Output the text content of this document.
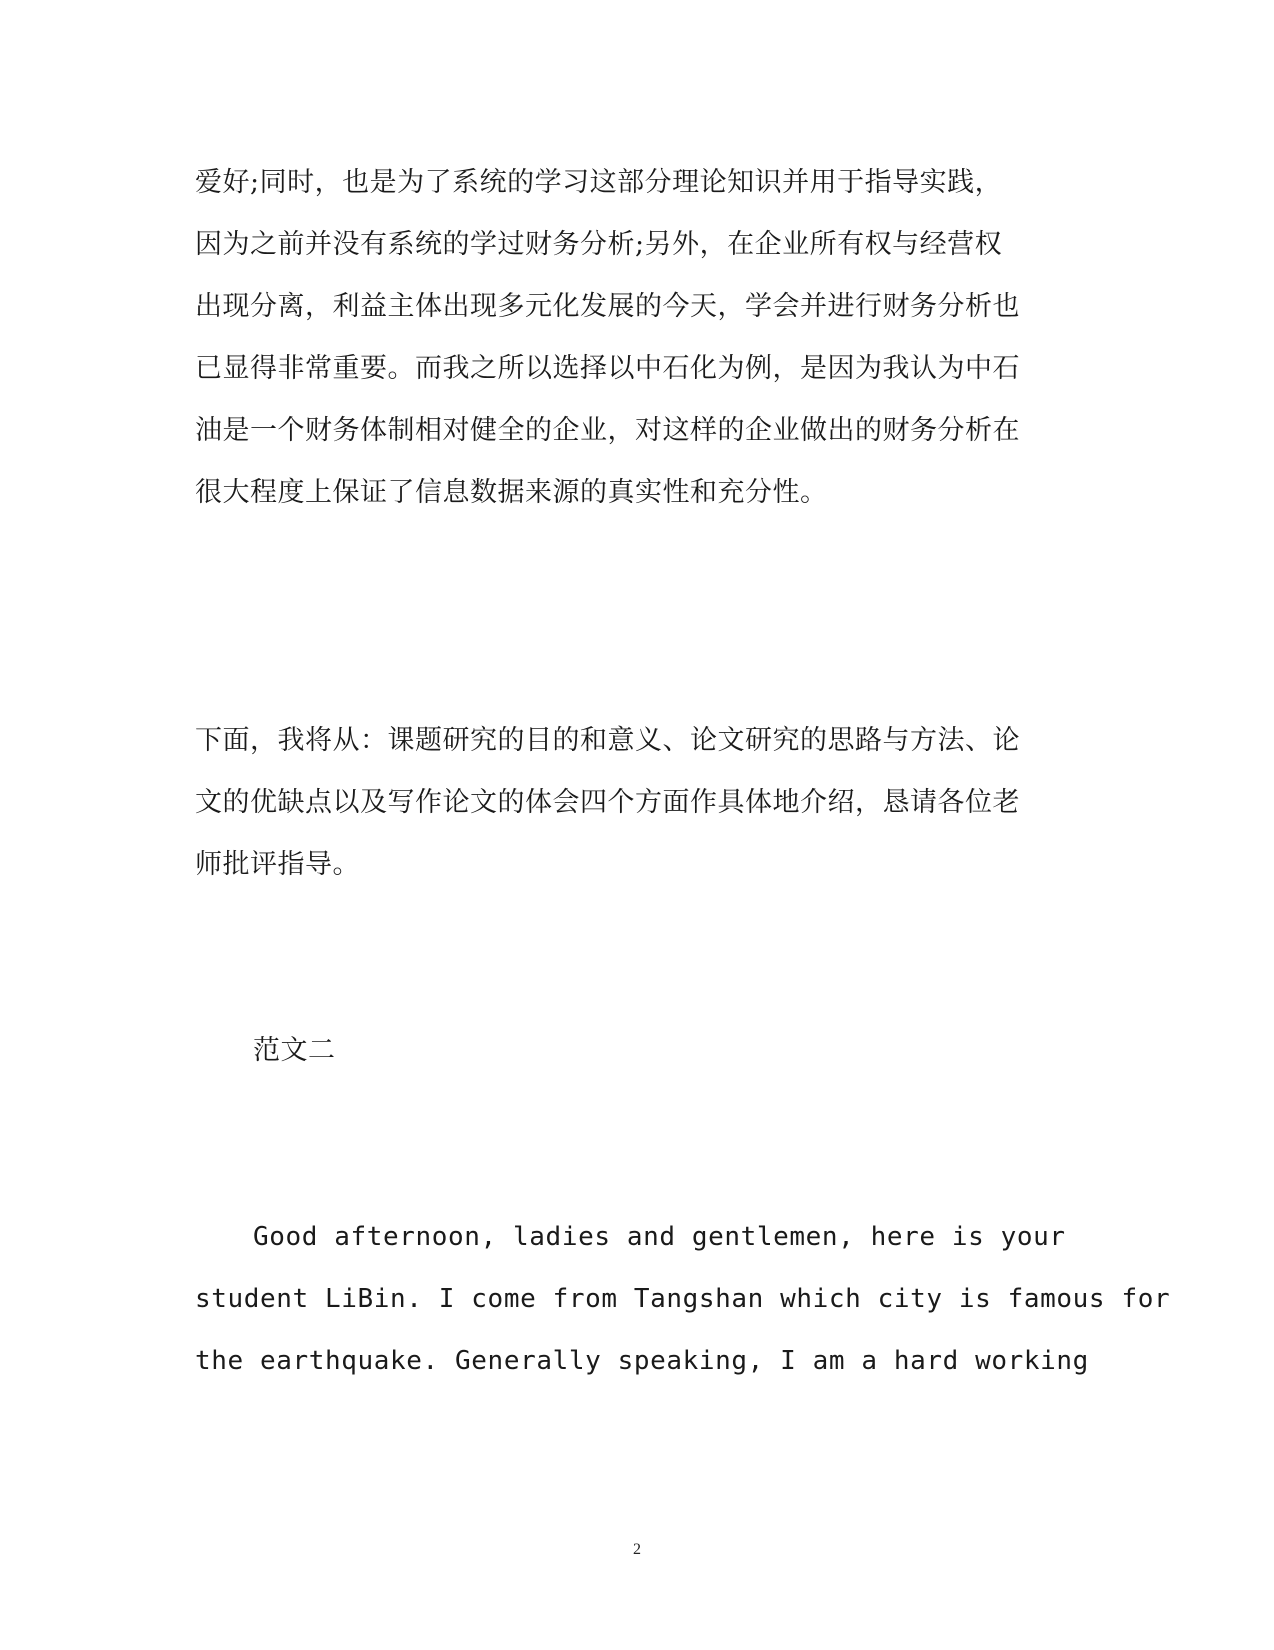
爱好;同时，也是为了系统的学习这部分理论知识并用于指导实践，
因为之前并没有系统的学过财务分析;另外，在企业所有权与经营权
出现分离，利益主体出现多元化发展的今天，学会并进行财务分析也
已显得非常重要。而我之所以选择以中石化为例，是因为我认为中石
油是一个财务体制相对健全的企业，对这样的企业做出的财务分析在
很大程度上保证了信息数据来源的真实性和充分性。
下面，我将从：课题研究的目的和意义、论文研究的思路与方法、论
文的优缺点以及写作论文的体会四个方面作具体地介绍，恳请各位老
师批评指导。
范文二
Good afternoon, ladies and gentlemen, here is your
student LiBin. I come from Tangshan which city is famous for
the earthquake. Generally speaking, I am a hard working
2
